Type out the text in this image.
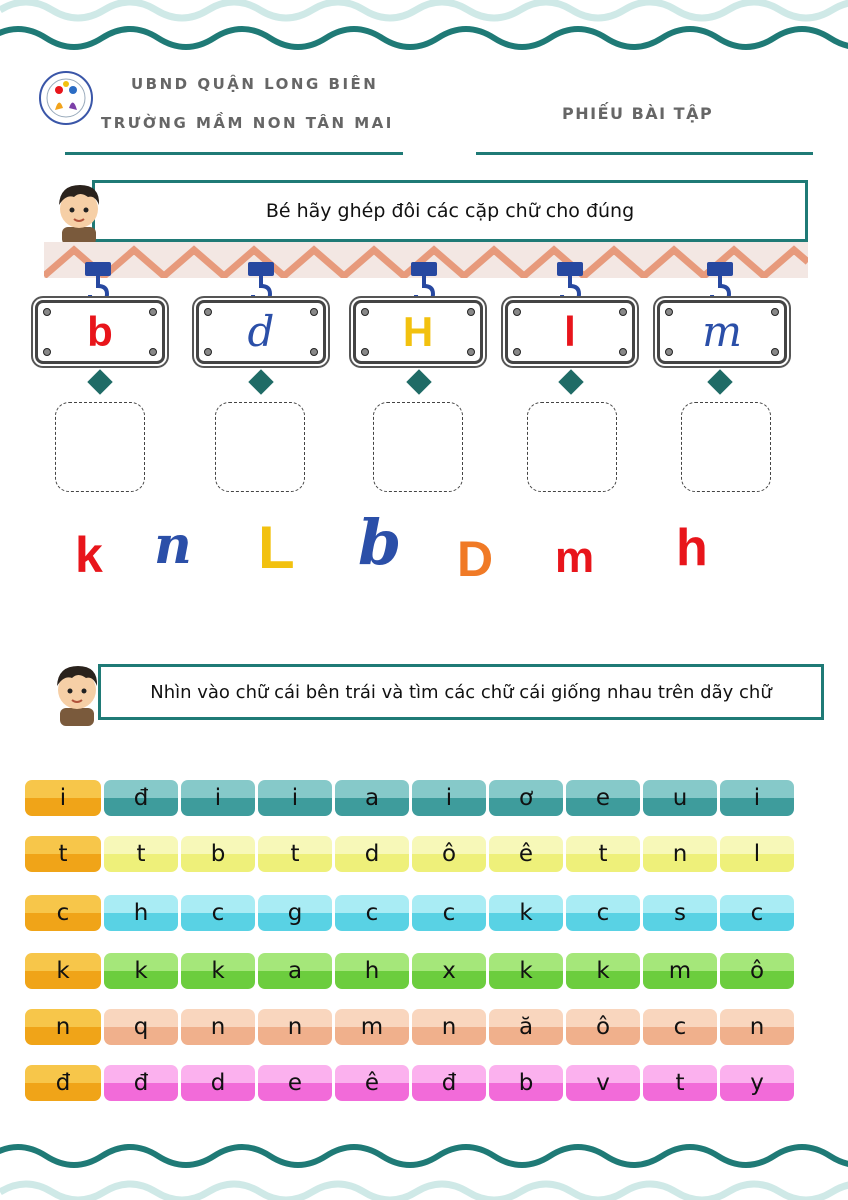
UBND QUẬN LONG BIÊN
TRƯỜNG MẦM NON TÂN MAI	PHIẾU BÀI TẬP
Bé hãy ghép đôi các cặp chữ cho đúng
b	d	H	l	m
k n L b D m h
Nhìn vào chữ cái bên trái và tìm các chữ cái giống nhau trên dãy chữ
i	đ	i	i	a	i	ơ	e	u	i
t	t	b	t	d	ô	ê	t	n	l
c	h	c	g	c	c	k	c	s	c
k	k	k	a	h	x	k	k	m	ô
n	q	n	n	m	n	ă	ô	c	n
đ	đ	d	e	ê	đ	b	v	t	y
